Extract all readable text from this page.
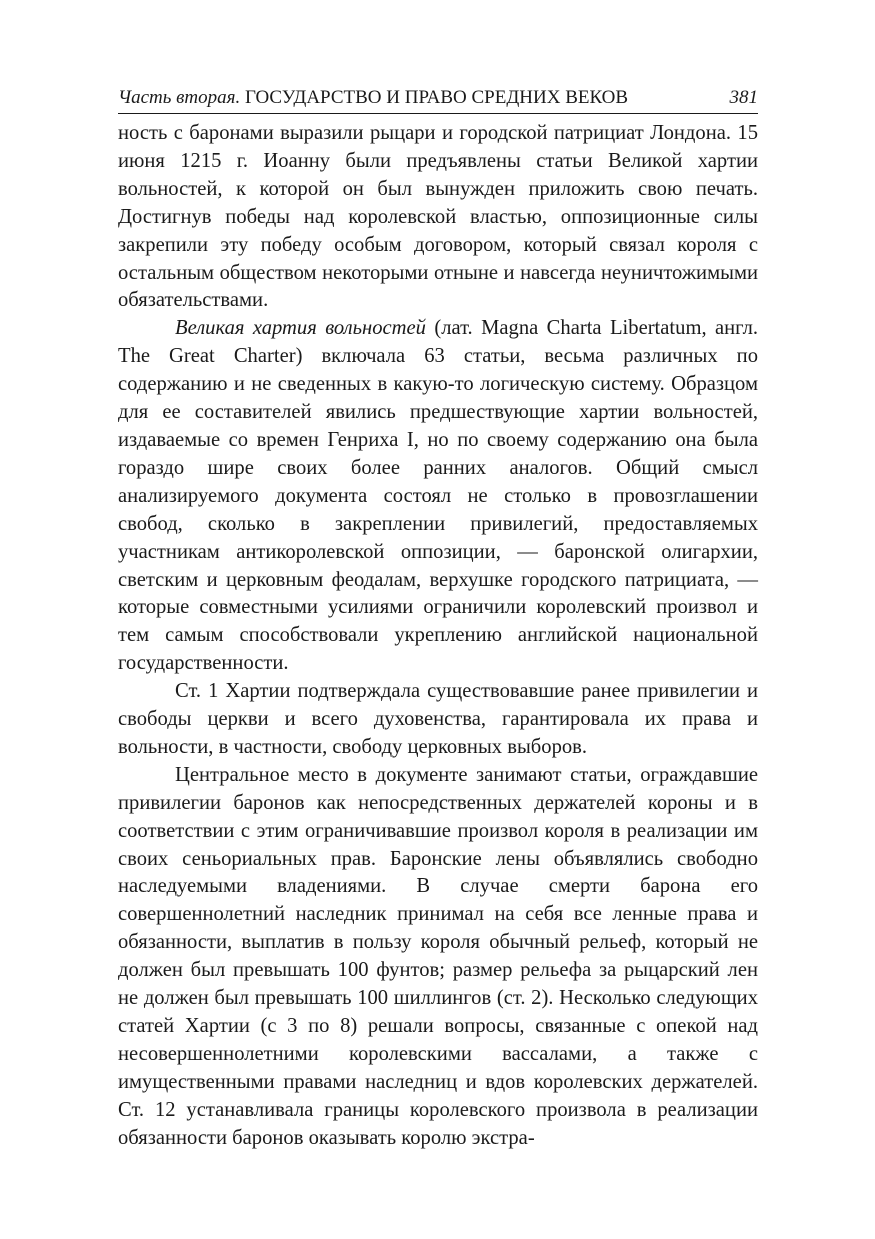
Часть вторая. ГОСУДАРСТВО И ПРАВО СРЕДНИХ ВЕКОВ	381

ность с баронами выразили рыцари и городской патрициат Лондона. 15 июня 1215 г. Иоанну были предъявлены статьи Великой хартии вольностей, к которой он был вынужден приложить свою печать. Достигнув победы над королевской властью, оппозиционные силы закрепили эту победу особым договором, который связал короля с остальным обществом некоторыми отныне и навсегда неуничтожимыми обязательствами.

Великая хартия вольностей (лат. Magna Charta Libertatum, англ. The Great Charter) включала 63 статьи, весьма различных по содержанию и не сведенных в какую-то логическую систему. Образцом для ее составителей явились предшествующие хартии вольностей, издаваемые со времен Генриха I, но по своему содержанию она была гораздо шире своих более ранних аналогов. Общий смысл анализируемого документа состоял не столько в провозглашении свобод, сколько в закреплении привилегий, предоставляемых участникам антикоролевской оппозиции, — баронской олигархии, светским и церковным феодалам, верхушке городского патрициата, — которые совместными усилиями ограничили королевский произвол и тем самым способствовали укреплению английской национальной государственности.

Ст. 1 Хартии подтверждала существовавшие ранее привилегии и свободы церкви и всего духовенства, гарантировала их права и вольности, в частности, свободу церковных выборов.

Центральное место в документе занимают статьи, ограждавшие привилегии баронов как непосредственных держателей короны и в соответствии с этим ограничивавшие произвол короля в реализации им своих сеньориальных прав. Баронские лены объявлялись свободно наследуемыми владениями. В случае смерти барона его совершеннолетний наследник принимал на себя все ленные права и обязанности, выплатив в пользу короля обычный рельеф, который не должен был превышать 100 фунтов; размер рельефа за рыцарский лен не должен был превышать 100 шиллингов (ст. 2). Несколько следующих статей Хартии (с 3 по 8) решали вопросы, связанные с опекой над несовершеннолетними королевскими вассалами, а также с имущественными правами наследниц и вдов королевских держателей. Ст. 12 устанавливала границы королевского произвола в реализации обязанности баронов оказывать королю экстра-
